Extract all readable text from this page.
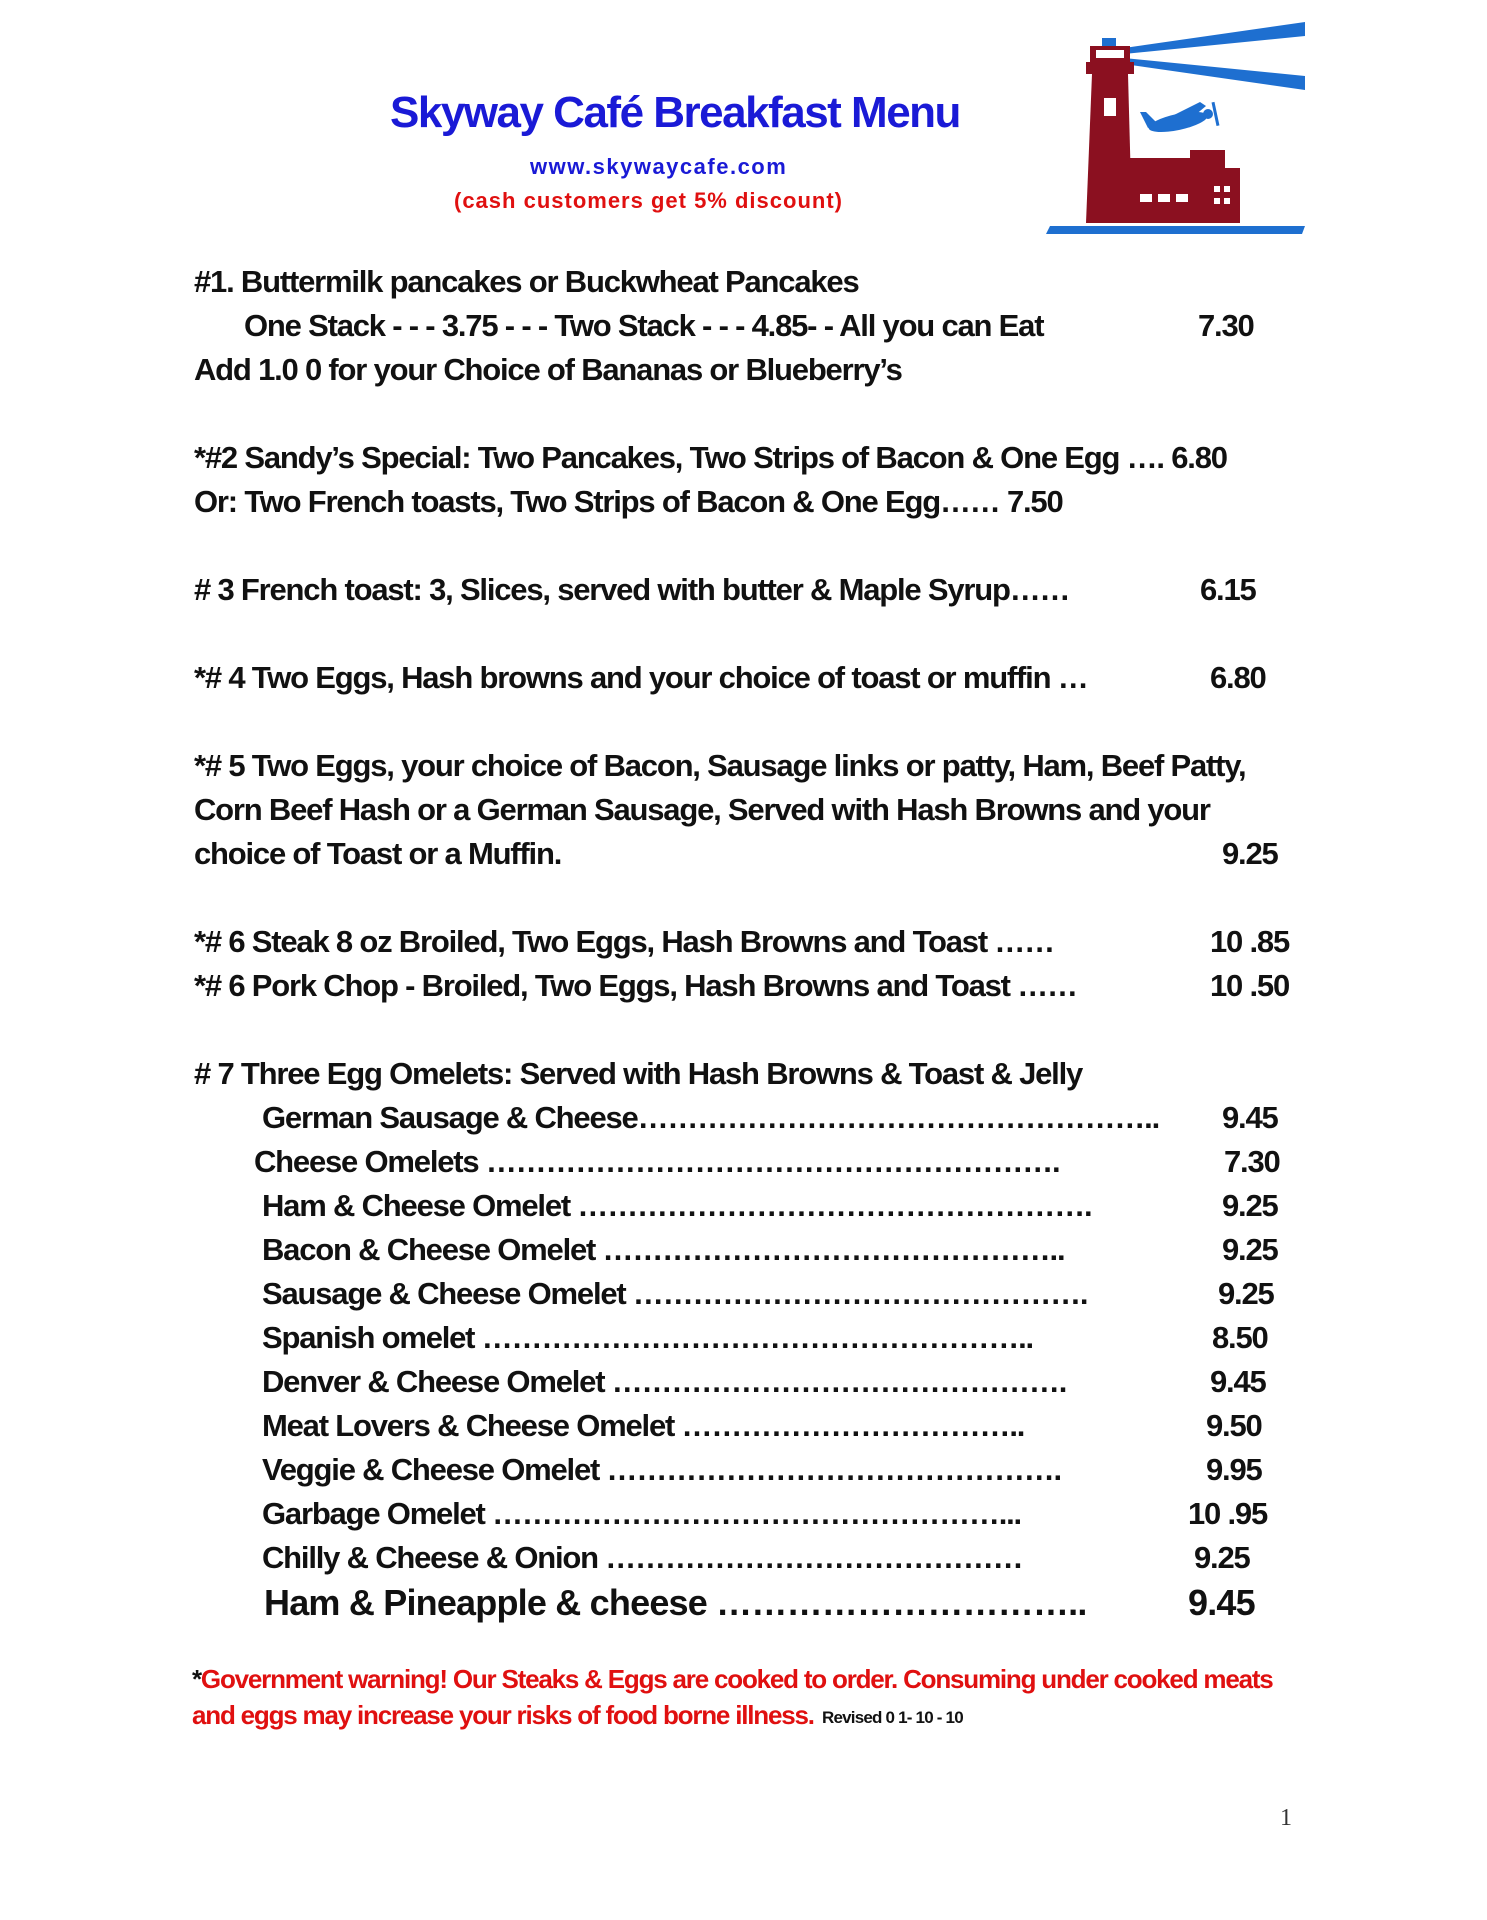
Skyway Café Breakfast Menu
www.skywaycafe.com
(cash customers get 5% discount)
#1. Buttermilk pancakes or Buckwheat Pancakes
One Stack - - - 3.75 - - - Two Stack - - - 4.85- - All you can Eat	7.30
Add 1.0 0 for your Choice of Bananas or Blueberry’s
*#2 Sandy’s Special: Two Pancakes, Two Strips of Bacon & One Egg …. 6.80
Or: Two French toasts, Two Strips of Bacon & One Egg…… 7.50
# 3 French toast: 3, Slices, served with butter & Maple Syrup……	6.15
*# 4 Two Eggs, Hash browns and your choice of toast or muffin …	6.80
*# 5 Two Eggs, your choice of Bacon, Sausage links or patty, Ham, Beef Patty,
Corn Beef Hash or a German Sausage, Served with Hash Browns and your
choice of Toast or a Muffin.	9.25
*# 6 Steak 8 oz Broiled, Two Eggs, Hash Browns and Toast ……	10 .85
*# 6 Pork Chop - Broiled, Two Eggs, Hash Browns and Toast ……	10 .50
# 7 Three Egg Omelets: Served with Hash Browns & Toast & Jelly
German Sausage & Cheese…………………………………………….. 9.45
Cheese Omelets ………………………………………………….	7.30
Ham & Cheese Omelet …………………………………………….	9.25
Bacon & Cheese Omelet ………………………………………..	9.25
Sausage & Cheese Omelet ……………………………………….	9.25
Spanish omelet ………………………………………………..	8.50
Denver & Cheese Omelet ……………………………………….	9.45
Meat Lovers & Cheese Omelet ……………………………..	9.50
Veggie & Cheese Omelet ……………………………………….	9.95
Garbage Omelet ……………………………………………...	10 .95
Chilly & Cheese & Onion ……………………………………	9.25
Ham & Pineapple & cheese …………………………..	9.45
*Government warning! Our Steaks & Eggs are cooked to order. Consuming under cooked meats
and eggs may increase your risks of food borne illness. Revised 0 1- 10 - 10
1
